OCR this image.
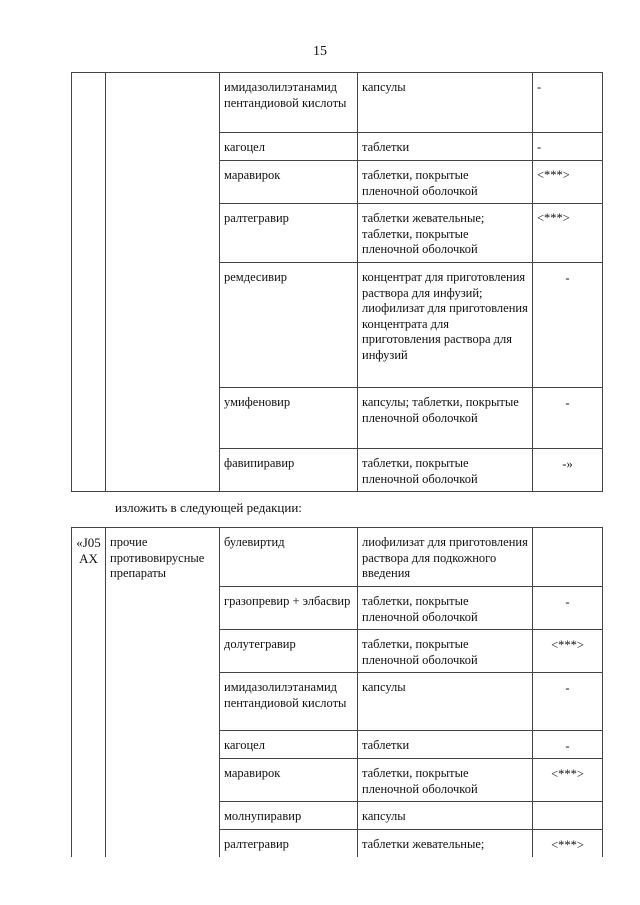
15
		имидазолилэтанамид пентандиовой кислоты	капсулы	-
		кагоцел	таблетки	-
		маравирок	таблетки, покрытые пленочной оболочкой	<***>
		ралтегравир	таблетки жевательные; таблетки, покрытые пленочной оболочкой	<***>
		ремдесивир	концентрат для приготовления раствора для инфузий; лиофилизат для приготовления концентрата для приготовления раствора для инфузий	-
		умифеновир	капсулы; таблетки, покрытые пленочной оболочкой	-
		фавипиравир	таблетки, покрытые пленочной оболочкой	-»
изложить в следующей редакции:
«J05 AX	прочие противовирусные препараты	булевиртид	лиофилизат для приготовления раствора для подкожного введения	
		гразопревир + элбасвир	таблетки, покрытые пленочной оболочкой	-
		долутегравир	таблетки, покрытые пленочной оболочкой	<***>
		имидазолилэтанамид пентандиовой кислоты	капсулы	-
		кагоцел	таблетки	-
		маравирок	таблетки, покрытые пленочной оболочкой	<***>
		молнупиравир	капсулы	
		ралтегравир	таблетки жевательные;	<***>
